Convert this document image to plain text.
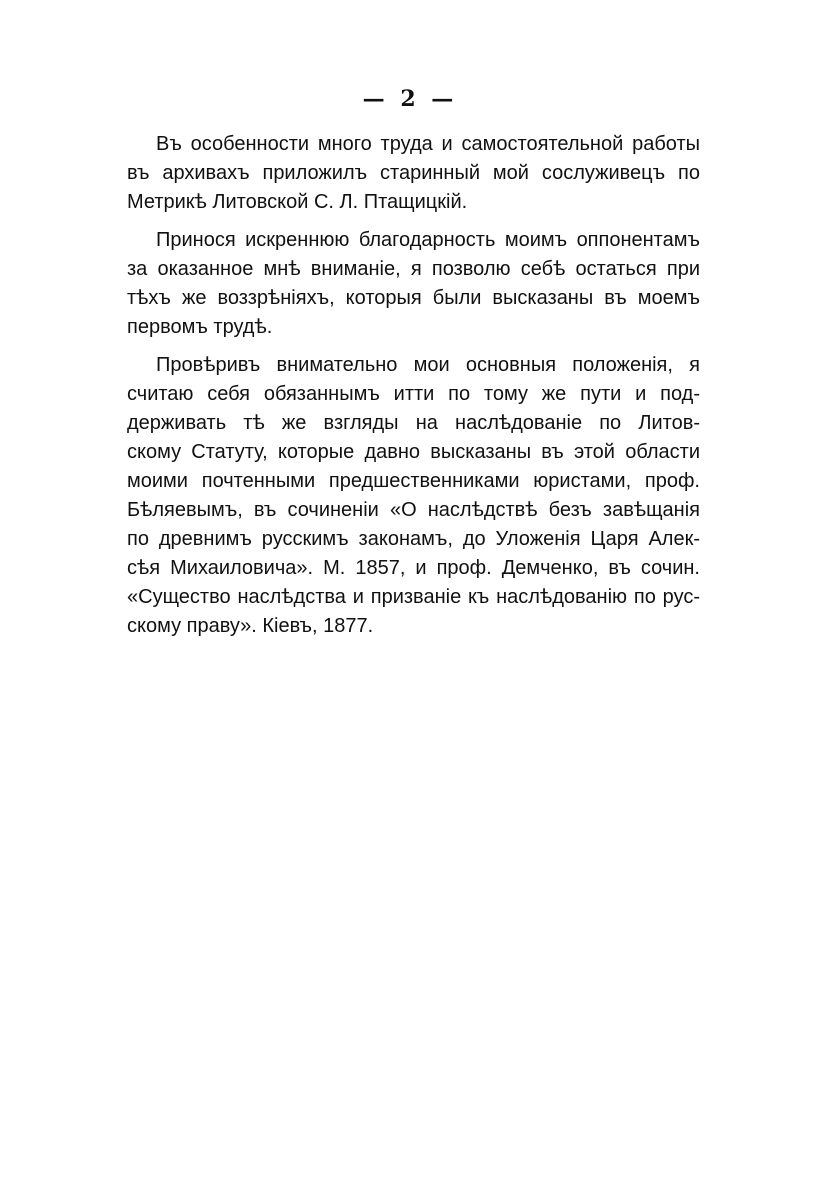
— 2 —
Въ особенности много труда и самостоятельной работы
въ архивахъ приложилъ старинный мой сослуживецъ по
Метрикѣ Литовской С. Л. Птащицкій.
Принося искреннюю благодарность моимъ оппонентамъ
за оказанное мнѣ вниманіе, я позволю себѣ остаться при
тѣхъ же воззрѣніяхъ, которыя были высказаны въ моемъ
первомъ трудѣ.
Провѣривъ внимательно мои основныя положенія, я
считаю себя обязаннымъ итти по тому же пути и под-
держивать тѣ же взгляды на наслѣдованіе по Литов-
скому Статуту, которые давно высказаны въ этой области
моими почтенными предшественниками юристами, проф.
Бѣляевымъ, въ сочиненіи «О наслѣдствѣ безъ завѣщанія
по древнимъ русскимъ законамъ, до Уложенія Царя Алек-
сѣя Михаиловича». М. 1857, и проф. Демченко, въ сочин.
«Существо наслѣдства и призваніе къ наслѣдованію по рус-
скому праву». Кіевъ, 1877.
